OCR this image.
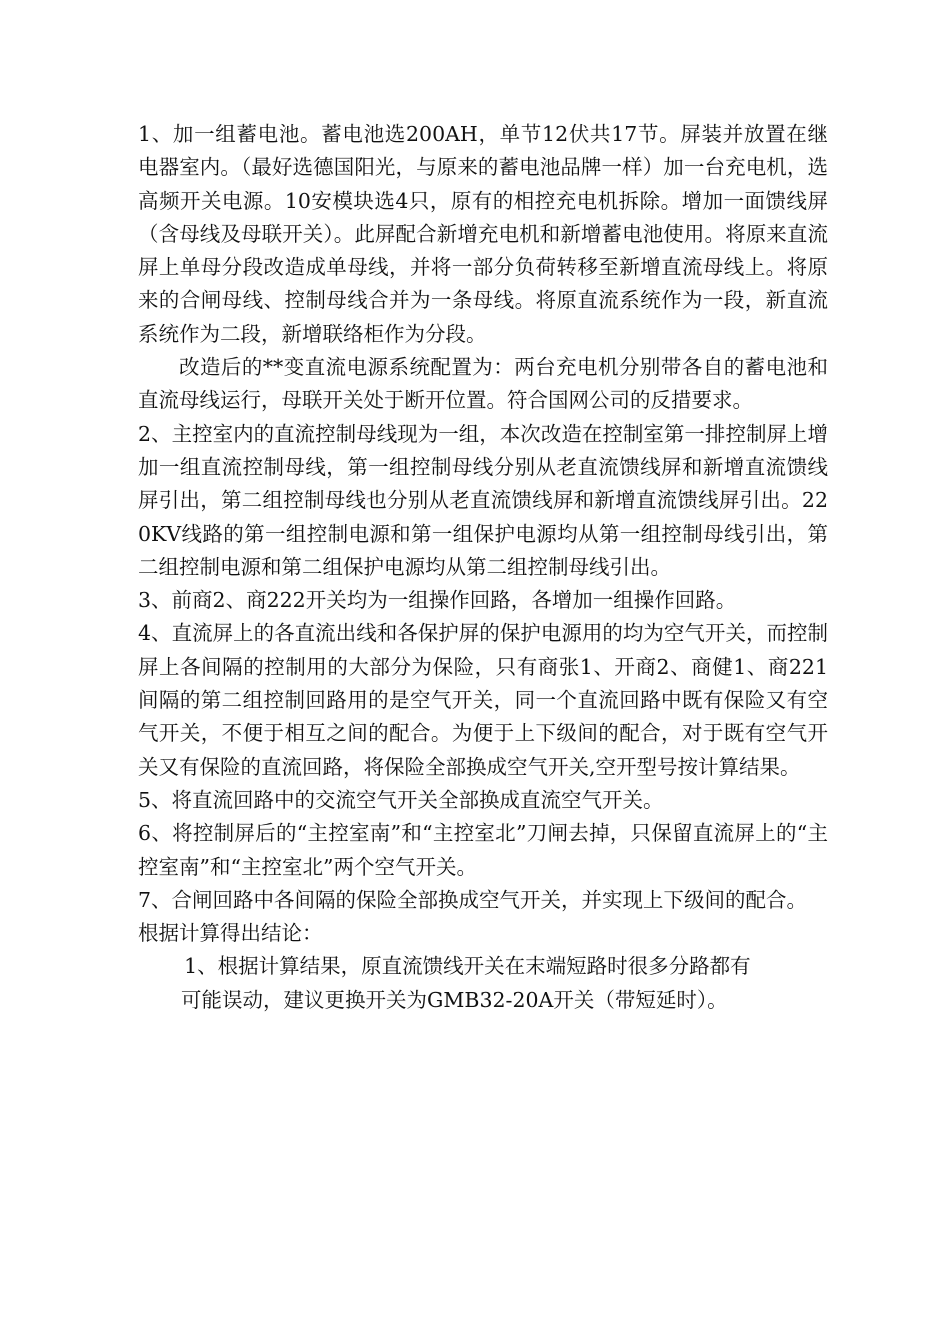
1、加一组蓄电池。蓄电池选200AH，单节12伏共17节。屏装并放置在继电器室内。（最好选德国阳光，与原来的蓄电池品牌一样）加一台充电机，选高频开关电源。10安模块选4只，原有的相控充电机拆除。增加一面馈线屏（含母线及母联开关）。此屏配合新增充电机和新增蓄电池使用。将原来直流屏上单母分段改造成单母线，并将一部分负荷转移至新增直流母线上。将原来的合闸母线、控制母线合并为一条母线。将原直流系统作为一段，新直流系统作为二段，新增联络柜作为分段。

改造后的**变直流电源系统配置为：两台充电机分别带各自的蓄电池和直流母线运行，母联开关处于断开位置。符合国网公司的反措要求。

2、主控室内的直流控制母线现为一组，本次改造在控制室第一排控制屏上增加一组直流控制母线，第一组控制母线分别从老直流馈线屏和新增直流馈线屏引出，第二组控制母线也分别从老直流馈线屏和新增直流馈线屏引出。220KV线路的第一组控制电源和第一组保护电源均从第一组控制母线引出，第二组控制电源和第二组保护电源均从第二组控制母线引出。

3、前商2、商222开关均为一组操作回路，各增加一组操作回路。

4、直流屏上的各直流出线和各保护屏的保护电源用的均为空气开关，而控制屏上各间隔的控制用的大部分为保险，只有商张1、开商2、商健1、商221间隔的第二组控制回路用的是空气开关，同一个直流回路中既有保险又有空气开关，不便于相互之间的配合。为便于上下级间的配合，对于既有空气开关又有保险的直流回路，将保险全部换成空气开关,空开型号按计算结果。

5、将直流回路中的交流空气开关全部换成直流空气开关。

6、将控制屏后的“主控室南”和“主控室北”刀闸去掉，只保留直流屏上的“主控室南”和“主控室北”两个空气开关。

7、合闸回路中各间隔的保险全部换成空气开关，并实现上下级间的配合。

根据计算得出结论：

1、根据计算结果，原直流馈线开关在末端短路时很多分路都有
可能误动，建议更换开关为GMB32-20A开关（带短延时）。
